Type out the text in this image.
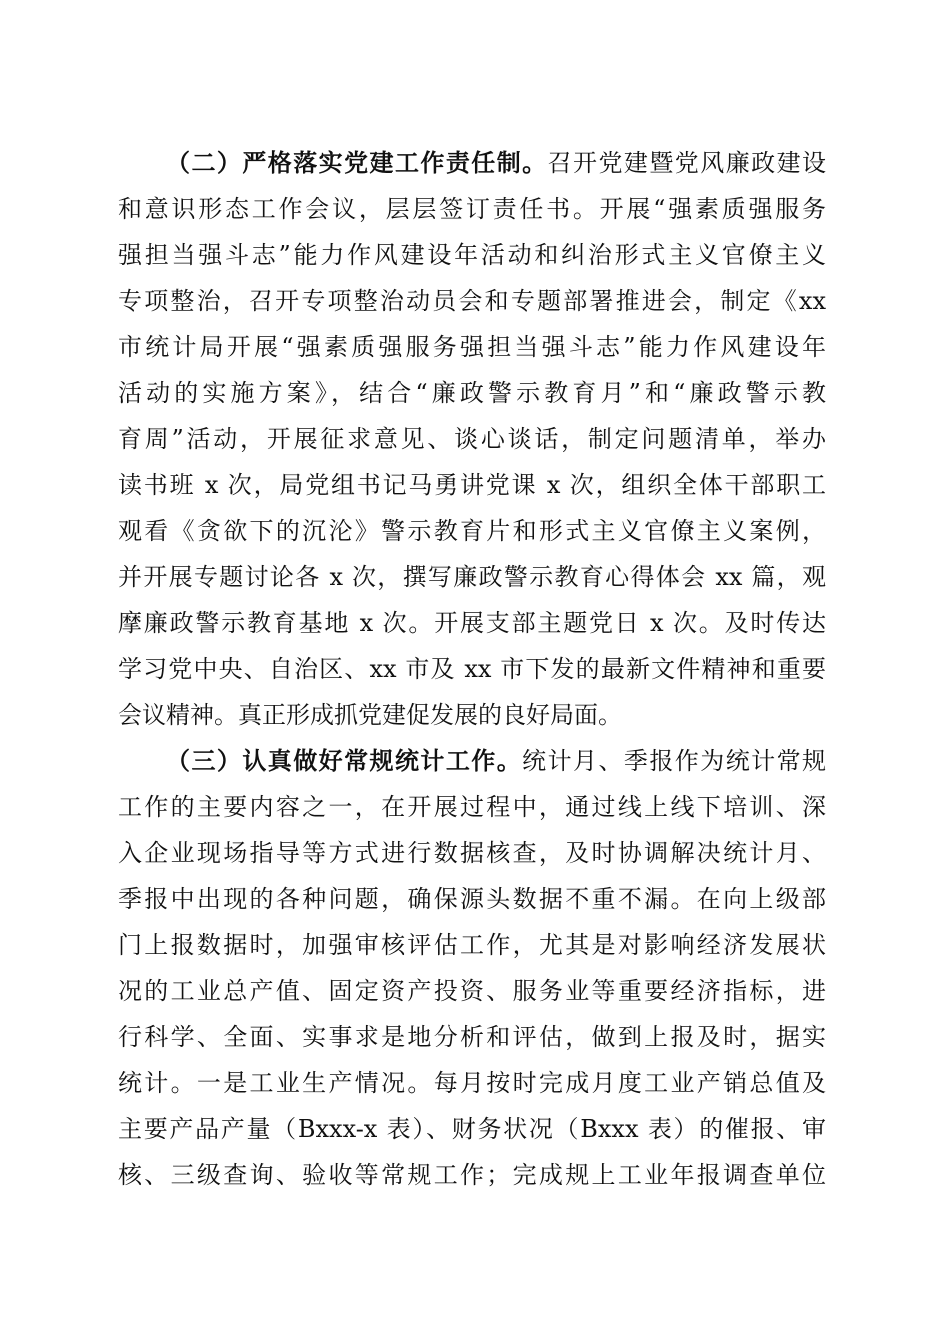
（二）严格落实党建工作责任制。召开党建暨党风廉政建设
和意识形态工作会议，层层签订责任书。开展“强素质强服务
强担当强斗志”能力作风建设年活动和纠治形式主义官僚主义
专项整治，召开专项整治动员会和专题部署推进会，制定《xx
市统计局开展“强素质强服务强担当强斗志”能力作风建设年
活动的实施方案》，结合“廉政警示教育月”和“廉政警示教
育周”活动，开展征求意见、谈心谈话，制定问题清单，举办
读书班 x 次，局党组书记马勇讲党课 x 次，组织全体干部职工
观看《贪欲下的沉沦》警示教育片和形式主义官僚主义案例，
并开展专题讨论各 x 次，撰写廉政警示教育心得体会 xx 篇，观
摩廉政警示教育基地 x 次。开展支部主题党日 x 次。及时传达
学习党中央、自治区、xx 市及 xx 市下发的最新文件精神和重要
会议精神。真正形成抓党建促发展的良好局面。
（三）认真做好常规统计工作。统计月、季报作为统计常规
工作的主要内容之一，在开展过程中，通过线上线下培训、深
入企业现场指导等方式进行数据核查，及时协调解决统计月、
季报中出现的各种问题，确保源头数据不重不漏。在向上级部
门上报数据时，加强审核评估工作，尤其是对影响经济发展状
况的工业总产值、固定资产投资、服务业等重要经济指标，进
行科学、全面、实事求是地分析和评估，做到上报及时，据实
统计。一是工业生产情况。每月按时完成月度工业产销总值及
主要产品产量（Bxxx-x 表）、财务状况（Bxxx 表）的催报、审
核、三级查询、验收等常规工作；完成规上工业年报调查单位
